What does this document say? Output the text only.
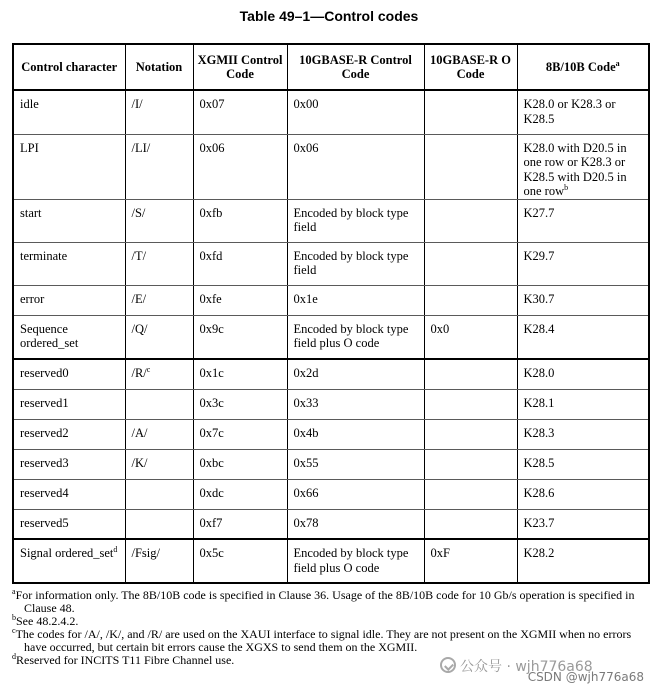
Table 49–1—Control codes
Control character	Notation	XGMII Control Code	10GBASE-R Control Code	10GBASE-R O Code	8B/10B Code$^a$
idle	/I/	0x07	0x00		K28.0 or K28.3 or K28.5
LPI	/LI/	0x06	0x06		K28.0 with D20.5 in one row or K28.3 or K28.5 with D20.5 in one row$^b$
start	/S/	0xfb	Encoded by block type field		K27.7
terminate	/T/	0xfd	Encoded by block type field		K29.7
error	/E/	0xfe	0x1e		K30.7
Sequence ordered_set	/Q/	0x9c	Encoded by block type field plus O code	0x0	K28.4
reserved0	/R/$^c$	0x1c	0x2d		K28.0
reserved1		0x3c	0x33		K28.1
reserved2	/A/	0x7c	0x4b		K28.3
reserved3	/K/	0xbc	0x55		K28.5
reserved4		0xdc	0x66		K28.6
reserved5		0xf7	0x78		K23.7
Signal ordered_set$^d$	/Fsig/	0x5c	Encoded by block type field plus O code	0xF	K28.2
$^a$For information only. The 8B/10B code is specified in Clause 36. Usage of the 8B/10B code for 10 Gb/s operation is specified in Clause 48.
$^b$See 48.2.4.2.
$^c$The codes for /A/, /K/, and /R/ are used on the XAUI interface to signal idle. They are not present on the XGMII when no errors have occurred, but certain bit errors cause the XGXS to send them on the XGMII.
$^d$Reserved for INCITS T11 Fibre Channel use.	公众号 · wjh776a68
CSDN @wjh776a68
